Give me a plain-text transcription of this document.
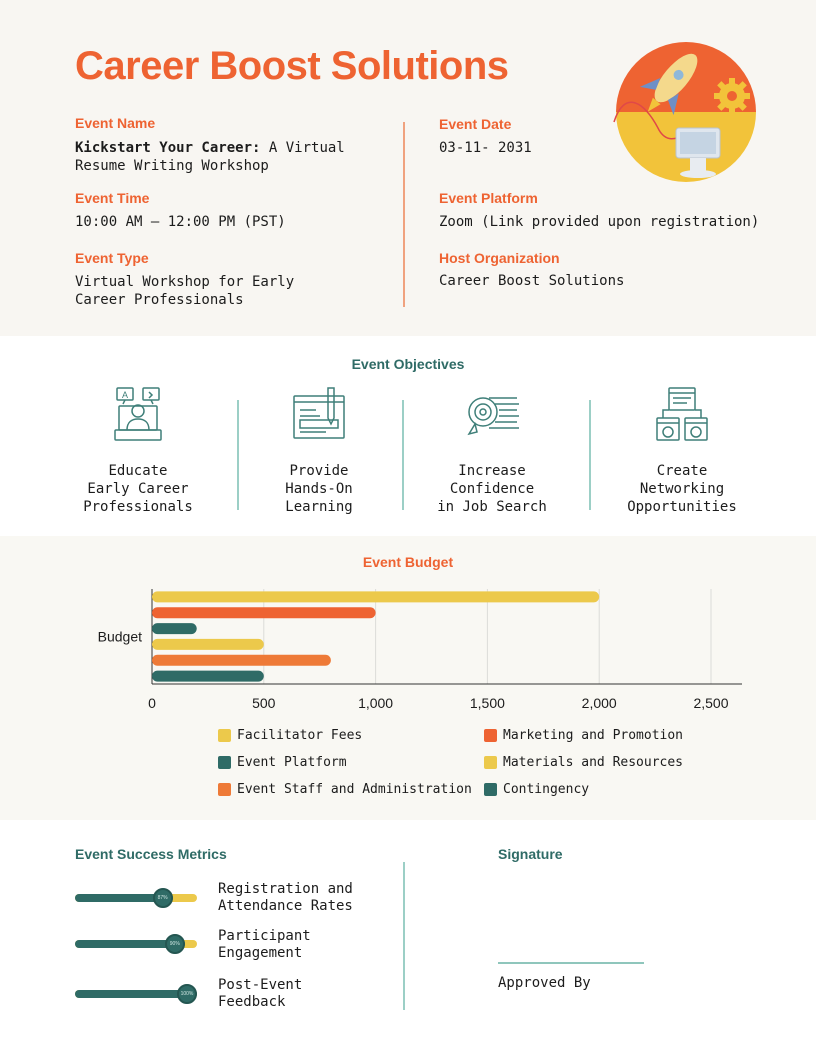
Career Boost Solutions
Event Name
Kickstart Your Career: A Virtual
Resume Writing Workshop
Event Time
10:00 AM – 12:00 PM (PST)
Event Type
Virtual Workshop for Early
Career Professionals
Event Date
03-11- 2031
Event Platform
Zoom (Link provided upon registration)
Host Organization
Career Boost Solutions
Event Objectives
A
Educate
Early Career
Professionals
Provide
Hands-On
Learning
Increase
Confidence
in Job Search
Create
Networking
Opportunities
Event Budget
0	500	1,000	1,500	2,000	2,500
Budget
Facilitator Fees	Marketing and Promotion
Event Platform	Materials and Resources
Event Staff and Administration Contingency
Event Success Metrics
87%
Registration and
Attendance Rates
90%	Participant
Engagement
100%
Post-Event
Feedback
Signature
Approved By
